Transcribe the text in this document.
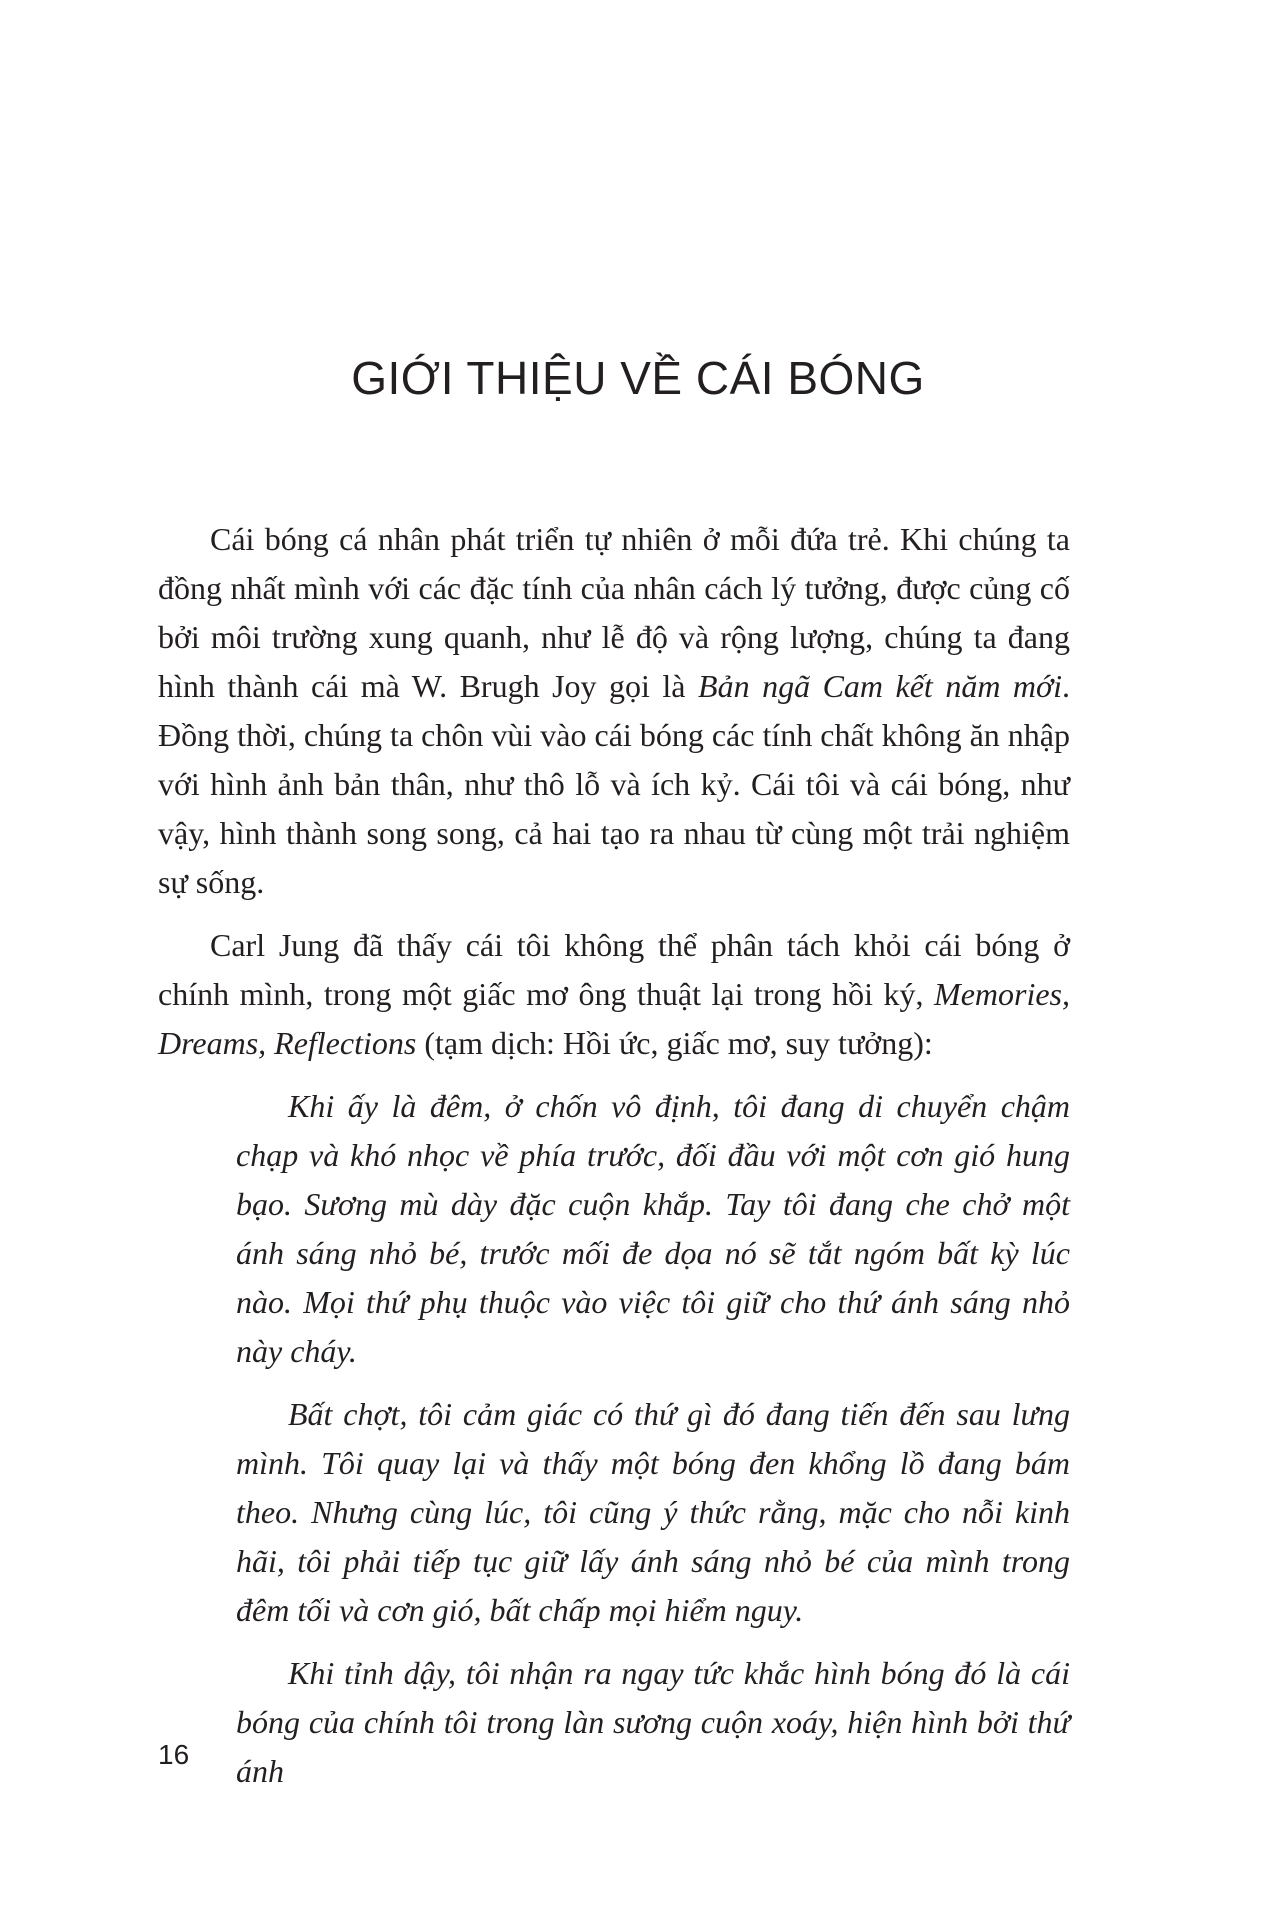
GIỚI THIỆU VỀ CÁI BÓNG

Cái bóng cá nhân phát triển tự nhiên ở mỗi đứa trẻ. Khi chúng ta đồng nhất mình với các đặc tính của nhân cách lý tưởng, được củng cố bởi môi trường xung quanh, như lễ độ và rộng lượng, chúng ta đang hình thành cái mà W. Brugh Joy gọi là Bản ngã Cam kết năm mới. Đồng thời, chúng ta chôn vùi vào cái bóng các tính chất không ăn nhập với hình ảnh bản thân, như thô lỗ và ích kỷ. Cái tôi và cái bóng, như vậy, hình thành song song, cả hai tạo ra nhau từ cùng một trải nghiệm sự sống.

Carl Jung đã thấy cái tôi không thể phân tách khỏi cái bóng ở chính mình, trong một giấc mơ ông thuật lại trong hồi ký, Memories, Dreams, Reflections (tạm dịch: Hồi ức, giấc mơ, suy tưởng):

Khi ấy là đêm, ở chốn vô định, tôi đang di chuyển chậm chạp và khó nhọc về phía trước, đối đầu với một cơn gió hung bạo. Sương mù dày đặc cuộn khắp. Tay tôi đang che chở một ánh sáng nhỏ bé, trước mối đe dọa nó sẽ tắt ngóm bất kỳ lúc nào. Mọi thứ phụ thuộc vào việc tôi giữ cho thứ ánh sáng nhỏ này cháy.

Bất chợt, tôi cảm giác có thứ gì đó đang tiến đến sau lưng mình. Tôi quay lại và thấy một bóng đen khổng lồ đang bám theo. Nhưng cùng lúc, tôi cũng ý thức rằng, mặc cho nỗi kinh hãi, tôi phải tiếp tục giữ lấy ánh sáng nhỏ bé của mình trong đêm tối và cơn gió, bất chấp mọi hiểm nguy.

Khi tỉnh dậy, tôi nhận ra ngay tức khắc hình bóng đó là cái bóng của chính tôi trong làn sương cuộn xoáy, hiện hình bởi thứ ánh

16
